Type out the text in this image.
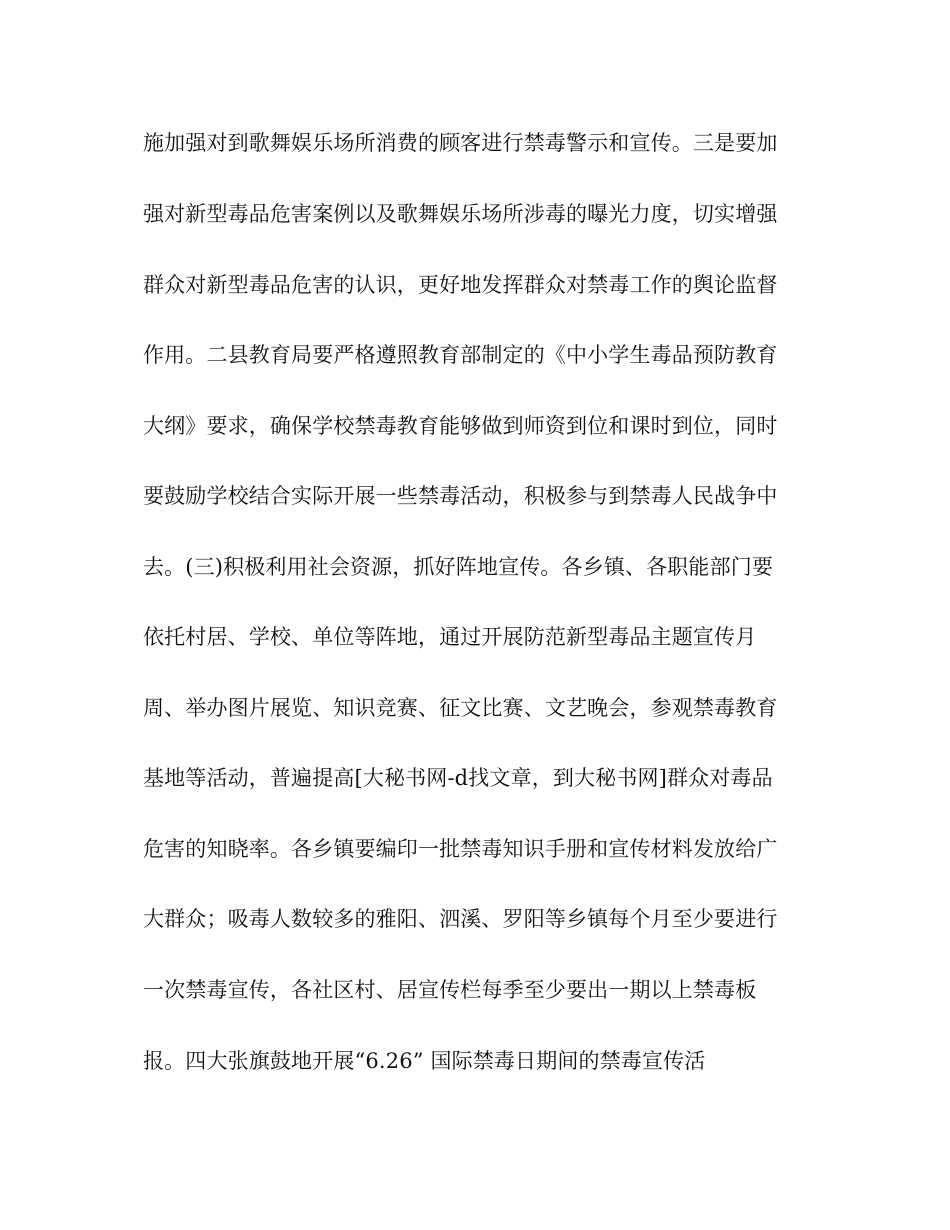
施加强对到歌舞娱乐场所消费的顾客进行禁毒警示和宣传。三是要加
强对新型毒品危害案例以及歌舞娱乐场所涉毒的曝光力度，切实增强
群众对新型毒品危害的认识，更好地发挥群众对禁毒工作的舆论监督
作用。二县教育局要严格遵照教育部制定的《中小学生毒品预防教育
大纲》要求，确保学校禁毒教育能够做到师资到位和课时到位，同时
要鼓励学校结合实际开展一些禁毒活动，积极参与到禁毒人民战争中
去。(三)积极利用社会资源，抓好阵地宣传。各乡镇、各职能部门要
依托村居、学校、单位等阵地，通过开展防范新型毒品主题宣传月
周、举办图片展览、知识竞赛、征文比赛、文艺晚会，参观禁毒教育
基地等活动，普遍提高[大秘书网-d找文章，到大秘书网]群众对毒品
危害的知晓率。各乡镇要编印一批禁毒知识手册和宣传材料发放给广
大群众；吸毒人数较多的雅阳、泗溪、罗阳等乡镇每个月至少要进行
一次禁毒宣传，各社区村、居宣传栏每季至少要出一期以上禁毒板
报。四大张旗鼓地开展“6.26” 国际禁毒日期间的禁毒宣传活
